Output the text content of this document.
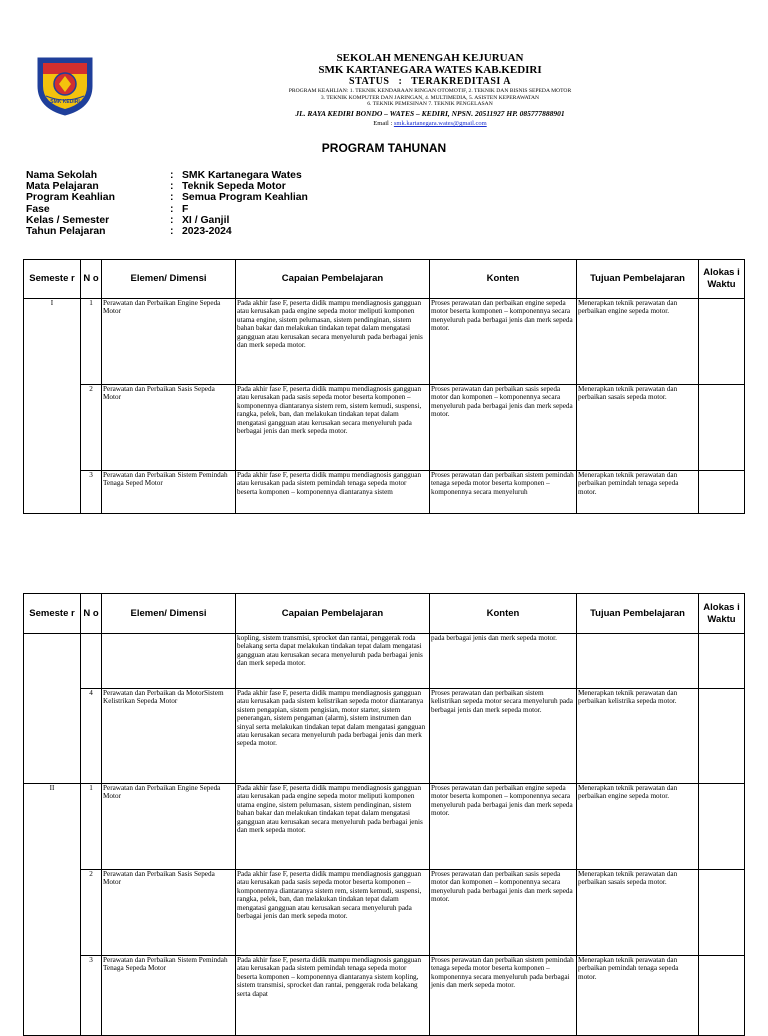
SMK KEDIRI
SEKOLAH MENENGAH KEJURUAN
SMK KARTANEGARA WATES KAB.KEDIRI
STATUS   :   TERAKREDITASI A
PROGRAM KEAHLIAN: 1. TEKNIK KENDARAAN RINGAN OTOMOTIF, 2. TEKNIK DAN BISNIS SEPEDA MOTOR
3. TEKNIK KOMPUTER DAN JARINGAN, 4. MULTIMEDIA, 5. ASISTEN KEPERAWATAN
6. TEKNIK PEMESINAN 7. TEKNIK PENGELASAN
JL. RAYA KEDIRI BONDO – WATES – KEDIRI, NPSN. 20511927 HP. 085777888901
Email : smk.kartanegara.wates@gmail.com
PROGRAM TAHUNAN
Nama Sekolah	: SMK Kartanegara Wates
Mata Pelajaran	: Teknik Sepeda Motor
Program Keahlian	: Semua Program Keahlian
Fase	: F
Kelas / Semester	: XI / Ganjil
Tahun Pelajaran	: 2023-2024
Semeste r	N o	Elemen/ Dimensi	Capaian Pembelajaran	Konten	Tujuan Pembelajaran	Alokas i Waktu
I	1	Perawatan dan Perbaikan Engine Sepeda Motor	Pada akhir fase F, peserta didik mampu mendiagnosis gangguan atau kerusakan pada engine sepeda motor meliputi komponen utama engine, sistem pelumasan, sistem pendinginan, sistem bahan bakar dan melakukan tindakan tepat dalam mengatasi gangguan atau kerusakan secara menyeluruh pada berbagai jenis dan merk sepeda motor.	Proses perawatan dan perbaikan engine sepeda motor beserta komponen – komponennya secara menyeluruh pada berbagai jenis dan merk sepeda motor.	Menerapkan teknik perawatan dan perbaikan engine sepeda motor.	
	2	Perawatan dan Perbaikan Sasis Sepeda Motor	Pada akhir fase F, peserta didik mampu mendiagnosis gangguan atau kerusakan pada sasis sepeda motor beserta komponen – komponennya diantaranya sistem rem, sistem kemudi, suspensi, rangka, pelek, ban, dan melakukan tindakan tepat dalam mengatasi gangguan atau kerusakan secara menyeluruh pada berbagai jenis dan merk sepeda motor.	Proses perawatan dan perbaikan sasis sepeda motor dan komponen – komponennya secara menyeluruh pada berbagai jenis dan merk sepeda motor.	Menerapkan teknik perawatan dan perbaikan sasais sepeda motor.	
	3	Perawatan dan Perbaikan Sistem Pemindah Tenaga Seped Motor	Pada akhir fase F, peserta didik mampu mendiagnosis gangguan atau kerusakan pada sistem pemindah tenaga sepeda motor beserta komponen – komponennya diantaranya sistem	Proses perawatan dan perbaikan sistem pemindah tenaga sepeda motor beserta komponen – komponennya secara menyeluruh	Menerapkan teknik perawatan dan perbaikan pemindah tenaga sepeda motor.	
Semeste r	N o	Elemen/ Dimensi	Capaian Pembelajaran	Konten	Tujuan Pembelajaran	Alokas i Waktu
			kopling, sistem transmisi, sprocket dan rantai, penggerak roda belakang serta dapat melakukan tindakan tepat dalam mengatasi gangguan atau kerusakan secara menyeluruh pada berbagai jenis dan merk sepeda motor.	pada berbagai jenis dan merk sepeda motor.		
	4	Perawatan dan Perbaikan da MotorSistem Kelistrikan Sepeda Motor	Pada akhir fase F, peserta didik mampu mendiagnosis gangguan atau kerusakan pada sistem kelistrikan sepeda motor diantaranya sistem pengapian, sistem pengisian, motor starter, sistem penerangan, sistem pengaman (alarm), sistem instrumen dan sinyal serta melakukan tindakan tepat dalam mengatasi gangguan atau kerusakan secara menyeluruh pada berbagai jenis dan merk sepeda motor.	Proses perawatan dan perbaikan sistem kelistrikan sepeda motor secara menyeluruh pada berbagai jenis dan merk sepeda motor.	Menerapkan teknik perawatan dan perbaikan kelistrika sepeda motor.	
II	1	Perawatan dan Perbaikan Engine Sepeda Motor	Pada akhir fase F, peserta didik mampu mendiagnosis gangguan atau kerusakan pada engine sepeda motor meliputi komponen utama engine, sistem pelumasan, sistem pendinginan, sistem bahan bakar dan melakukan tindakan tepat dalam mengatasi gangguan atau kerusakan secara menyeluruh pada berbagai jenis dan merk sepeda motor.	Proses perawatan dan perbaikan engine sepeda motor beserta komponen – komponennya secara menyeluruh pada berbagai jenis dan merk sepeda motor.	Menerapkan teknik perawatan dan perbaikan engine sepeda motor.	
	2	Perawatan dan Perbaikan Sasis Sepeda Motor	Pada akhir fase F, peserta didik mampu mendiagnosis gangguan atau kerusakan pada sasis sepeda motor beserta komponen – komponennya diantaranya sistem rem, sistem kemudi, suspensi, rangka, pelek, ban, dan melakukan tindakan tepat dalam mengatasi gangguan atau kerusakan secara menyeluruh pada berbagai jenis dan merk sepeda motor.	Proses perawatan dan perbaikan sasis sepeda motor dan komponen – komponennya secara menyeluruh pada berbagai jenis dan merk sepeda motor.	Menerapkan teknik perawatan dan perbaikan sasais sepeda motor.	
	3	Perawatan dan Perbaikan Sistem Pemindah Tenaga Sepeda Motor	Pada akhir fase F, peserta didik mampu mendiagnosis gangguan atau kerusakan pada sistem pemindah tenaga sepeda motor beserta komponen – komponennya diantaranya sistem kopling, sistem transmisi, sprocket dan rantai, penggerak roda belakang serta dapat	Proses perawatan dan perbaikan sistem pemindah tenaga sepeda motor beserta komponen – komponennya secara menyeluruh pada berbagai jenis dan merk sepeda motor.	Menerapkan teknik perawatan dan perbaikan pemindah tenaga sepeda motor.	
